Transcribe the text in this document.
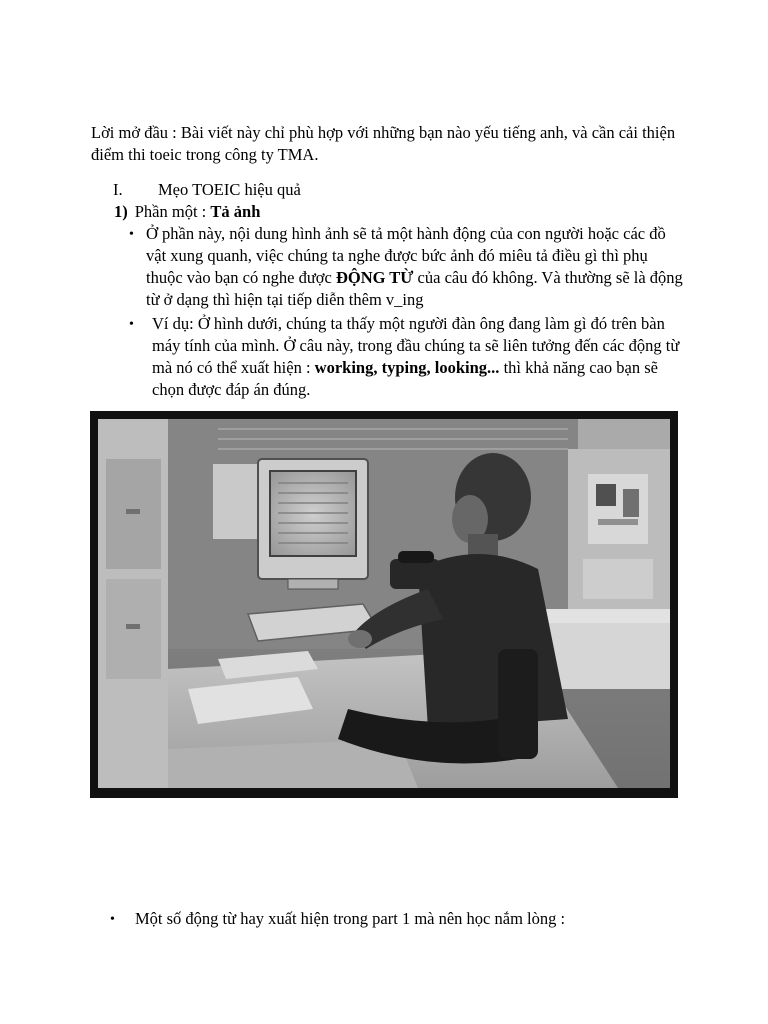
Lời mở đầu : Bài viết này chỉ phù hợp với những bạn nào yếu tiếng anh, và cần cải thiện điểm thi toeic trong công ty TMA.
I. Mẹo TOEIC hiệu quả
1) Phần một : Tả ảnh
• Ở phần này, nội dung hình ảnh sẽ tả một hành động của con người hoặc các đồ vật xung quanh, việc chúng ta nghe được bức ảnh đó miêu tả điều gì thì phụ thuộc vào bạn có nghe được ĐỘNG TỪ của câu đó không. Và thường sẽ là động từ ở dạng thì hiện tại tiếp diễn thêm v_ing
• Ví dụ: Ở hình dưới, chúng ta thấy một người đàn ông đang làm gì đó trên bàn máy tính của mình. Ở câu này, trong đầu chúng ta sẽ liên tưởng đến các động từ mà nó có thể xuất hiện : working, typing, looking... thì khả năng cao bạn sẽ chọn được đáp án đúng.
• Một số động từ hay xuất hiện trong part 1 mà nên học nắm lòng :
